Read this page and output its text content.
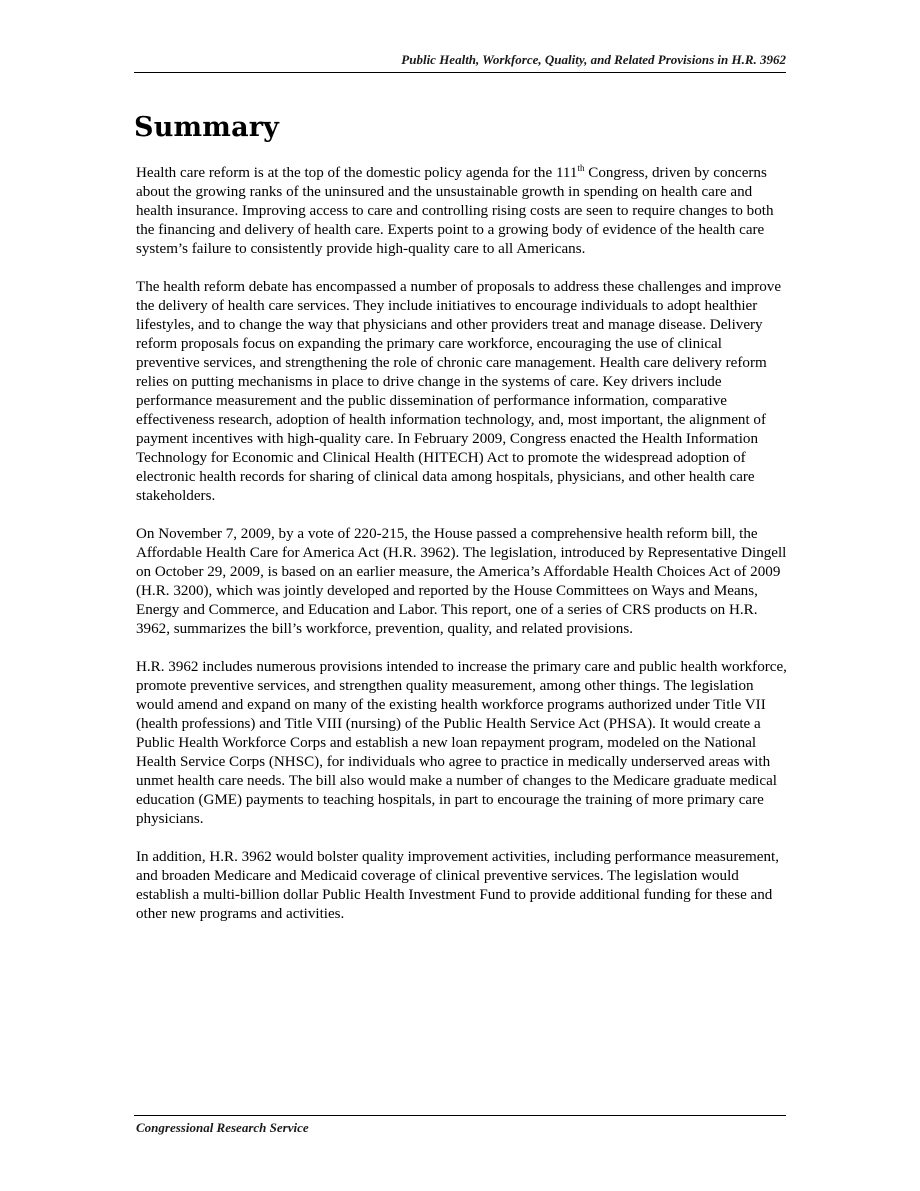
Public Health, Workforce, Quality, and Related Provisions in H.R. 3962
Summary

Health care reform is at the top of the domestic policy agenda for the 111th Congress, driven by concerns about the growing ranks of the uninsured and the unsustainable growth in spending on health care and health insurance. Improving access to care and controlling rising costs are seen to require changes to both the financing and delivery of health care. Experts point to a growing body of evidence of the health care system’s failure to consistently provide high-quality care to all Americans.

The health reform debate has encompassed a number of proposals to address these challenges and improve the delivery of health care services. They include initiatives to encourage individuals to adopt healthier lifestyles, and to change the way that physicians and other providers treat and manage disease. Delivery reform proposals focus on expanding the primary care workforce, encouraging the use of clinical preventive services, and strengthening the role of chronic care management. Health care delivery reform relies on putting mechanisms in place to drive change in the systems of care. Key drivers include performance measurement and the public dissemination of performance information, comparative effectiveness research, adoption of health information technology, and, most important, the alignment of payment incentives with high-quality care. In February 2009, Congress enacted the Health Information Technology for Economic and Clinical Health (HITECH) Act to promote the widespread adoption of electronic health records for sharing of clinical data among hospitals, physicians, and other health care stakeholders.

On November 7, 2009, by a vote of 220-215, the House passed a comprehensive health reform bill, the Affordable Health Care for America Act (H.R. 3962). The legislation, introduced by Representative Dingell on October 29, 2009, is based on an earlier measure, the America’s Affordable Health Choices Act of 2009 (H.R. 3200), which was jointly developed and reported by the House Committees on Ways and Means, Energy and Commerce, and Education and Labor. This report, one of a series of CRS products on H.R. 3962, summarizes the bill’s workforce, prevention, quality, and related provisions.

H.R. 3962 includes numerous provisions intended to increase the primary care and public health workforce, promote preventive services, and strengthen quality measurement, among other things. The legislation would amend and expand on many of the existing health workforce programs authorized under Title VII (health professions) and Title VIII (nursing) of the Public Health Service Act (PHSA). It would create a Public Health Workforce Corps and establish a new loan repayment program, modeled on the National Health Service Corps (NHSC), for individuals who agree to practice in medically underserved areas with unmet health care needs. The bill also would make a number of changes to the Medicare graduate medical education (GME) payments to teaching hospitals, in part to encourage the training of more primary care physicians.

In addition, H.R. 3962 would bolster quality improvement activities, including performance measurement, and broaden Medicare and Medicaid coverage of clinical preventive services. The legislation would establish a multi-billion dollar Public Health Investment Fund to provide additional funding for these and other new programs and activities.

Congressional Research Service
